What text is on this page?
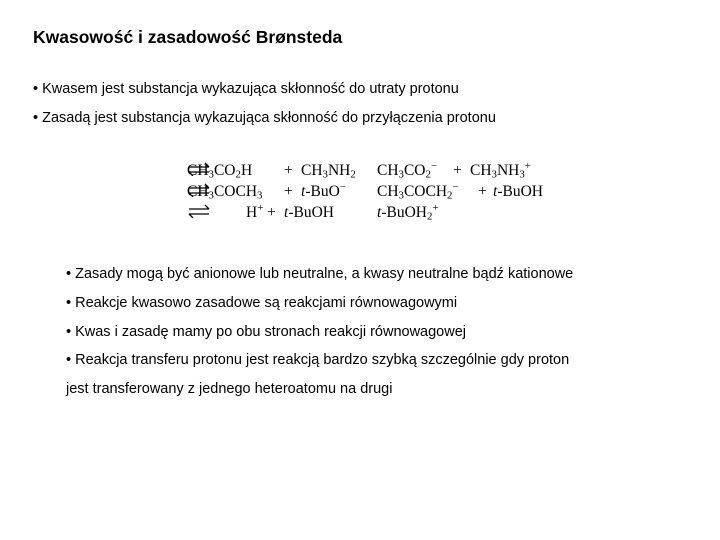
Kwasowość i zasadowość Brønsteda
• Kwasem jest substancja wykazująca skłonność do utraty protonu
• Zasadą jest substancja wykazująca skłonność do przyłączenia protonu
$CH_3CO_2H + CH_3NH_2$ $CH_3CO_2^- + CH_3NH_3^+$
$CH_3COCH_3 + t-BuO^-$ $CH_3COCH_2^-$ + t-BuOH
H+ + t-BuOH	t-BuOH$_2$+
• Zasady mogą być anionowe lub neutralne, a kwasy neutralne bądź kationowe
• Reakcje kwasowo zasadowe są reakcjami równowagowymi
• Kwas i zasadę mamy po obu stronach reakcji równowagowej
• Reakcja transferu protonu jest reakcją bardzo szybką szczególnie gdy proton
jest transferowany z jednego heteroatomu na drugi
